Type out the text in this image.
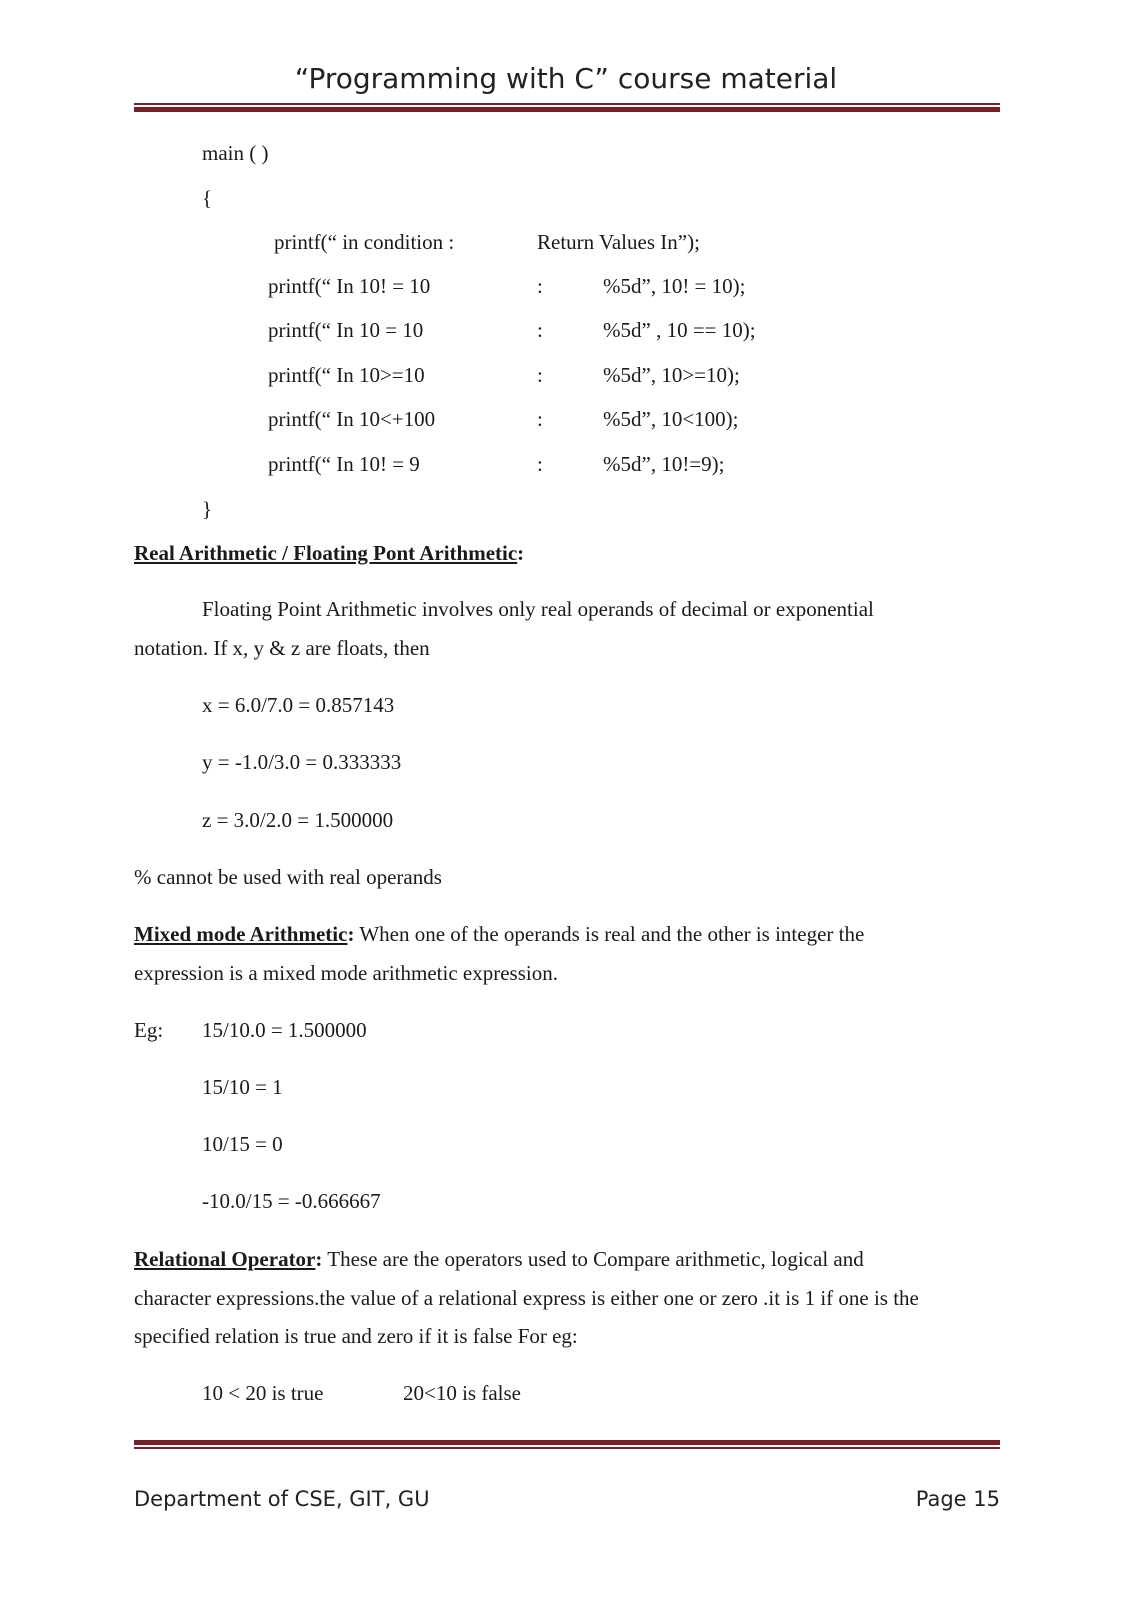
“Programming with C” course material
main ( )
{
printf(“ in condition :	Return Values In”);
printf(“ In 10! = 10	:	%5d”, 10! = 10);
printf(“ In 10 = 10	:	%5d” , 10 == 10);
printf(“ In 10>=10	:	%5d”, 10>=10);
printf(“ In 10<+100	:	%5d”, 10<100);
printf(“ In 10! = 9	:	%5d”, 10!=9);
}
Real Arithmetic / Floating Pont Arithmetic:
Floating Point Arithmetic involves only real operands of decimal or exponential
notation. If x, y & z are floats, then
x = 6.0/7.0 = 0.857143
y = -1.0/3.0 = 0.333333
z = 3.0/2.0 = 1.500000
% cannot be used with real operands
Mixed mode Arithmetic: When one of the operands is real and the other is integer the
expression is a mixed mode arithmetic expression.
Eg: 15/10.0 = 1.500000
15/10 = 1
10/15 = 0
-10.0/15 = -0.666667
Relational Operator: These are the operators used to Compare arithmetic, logical and
character expressions.the value of a relational express is either one or zero .it is 1 if one is the
specified relation is true and zero if it is false For eg:
10 < 20 is true	20<10 is false
Department of CSE, GIT, GU	Page 15
